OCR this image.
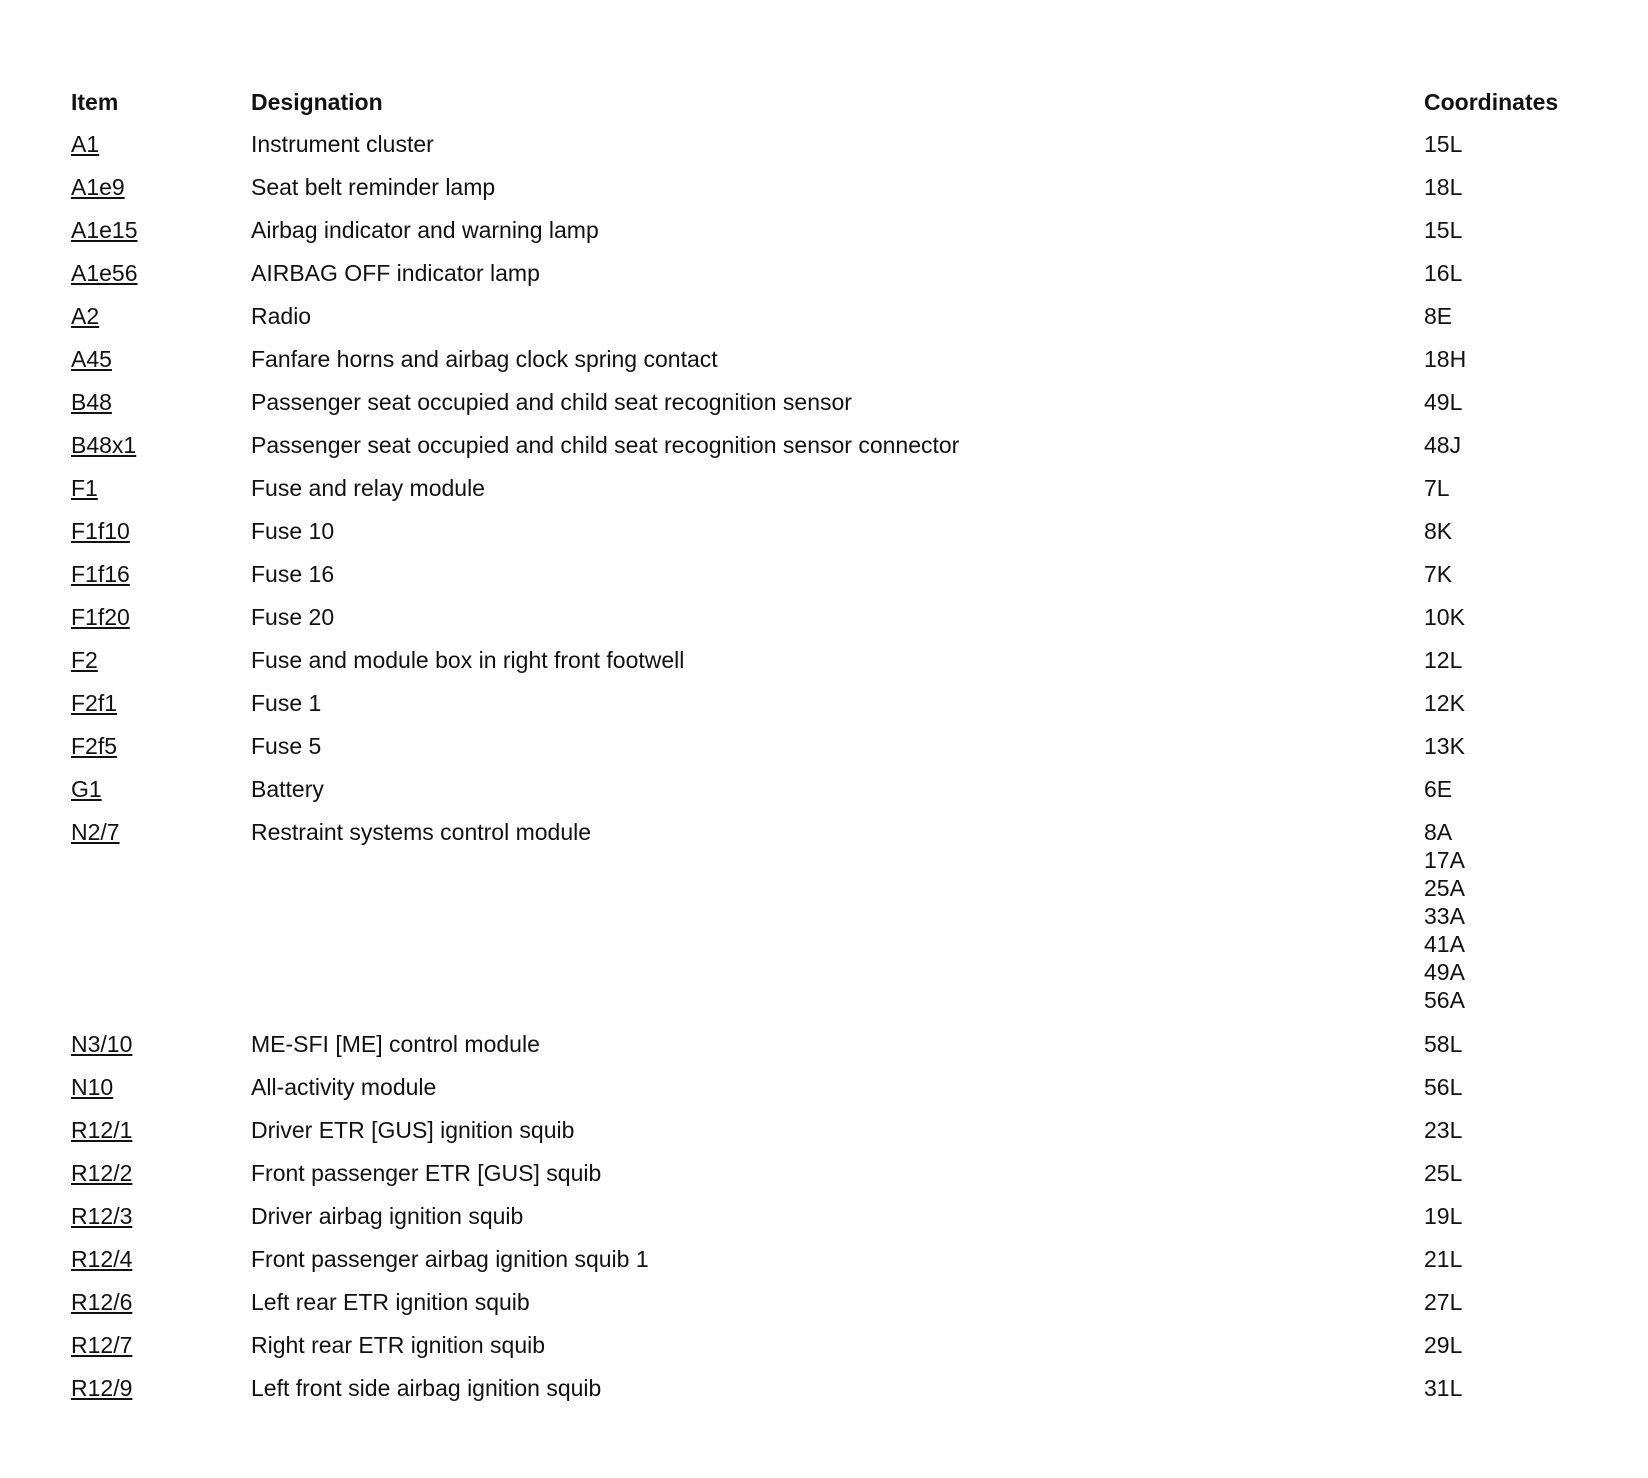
Item	Designation	Coordinates
A1	Instrument cluster	15L
A1e9	Seat belt reminder lamp	18L
A1e15	Airbag indicator and warning lamp	15L
A1e56	AIRBAG OFF indicator lamp	16L
A2	Radio	8E
A45	Fanfare horns and airbag clock spring contact	18H
B48	Passenger seat occupied and child seat recognition sensor	49L
B48x1	Passenger seat occupied and child seat recognition sensor connector	48J
F1	Fuse and relay module	7L
F1f10	Fuse 10	8K
F1f16	Fuse 16	7K
F1f20	Fuse 20	10K
F2	Fuse and module box in right front footwell	12L
F2f1	Fuse 1	12K
F2f5	Fuse 5	13K
G1	Battery	6E
N2/7	Restraint systems control module	8A
17A
25A
33A
41A
49A
56A
N3/10	ME-SFI [ME] control module	58L
N10	All-activity module	56L
R12/1	Driver ETR [GUS] ignition squib	23L
R12/2	Front passenger ETR [GUS] squib	25L
R12/3	Driver airbag ignition squib	19L
R12/4	Front passenger airbag ignition squib 1	21L
R12/6	Left rear ETR ignition squib	27L
R12/7	Right rear ETR ignition squib	29L
R12/9	Left front side airbag ignition squib	31L
